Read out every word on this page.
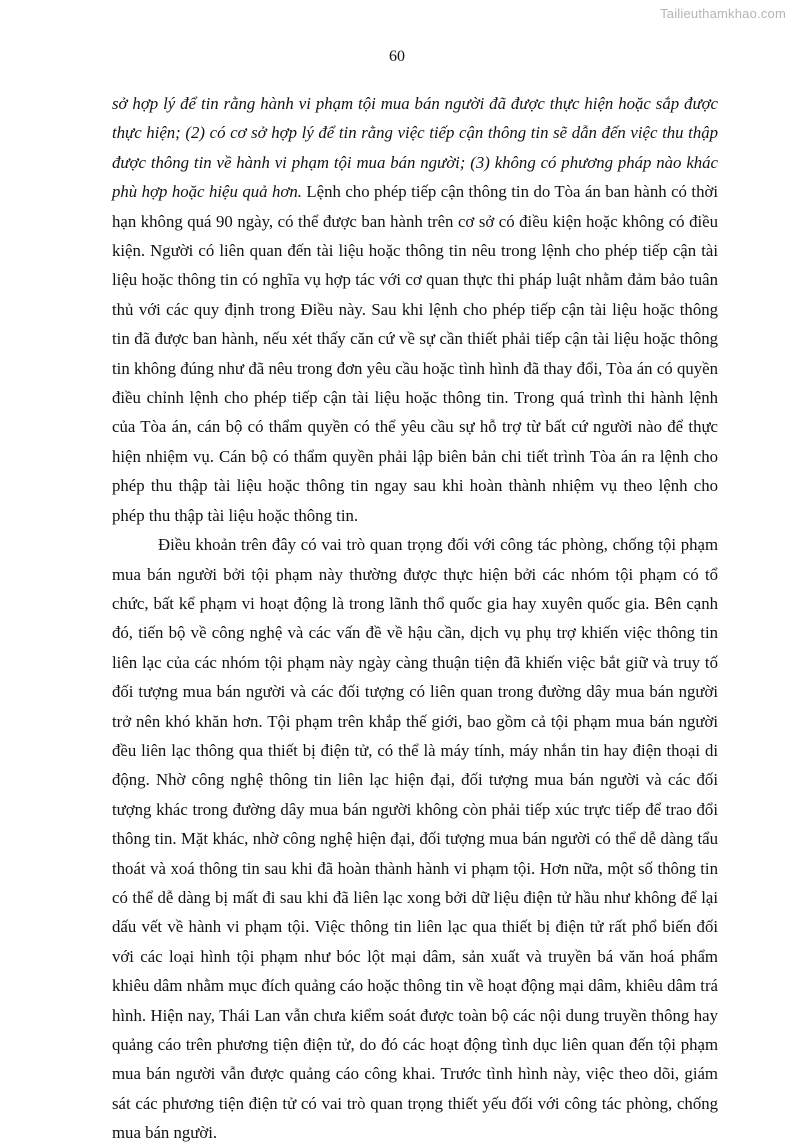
Tailieuthamkhao.com
60

sở hợp lý để tin rằng hành vi phạm tội mua bán người đã được thực hiện hoặc sắp được thực hiện; (2) có cơ sở hợp lý để tin rằng việc tiếp cận thông tin sẽ dẫn đến việc thu thập được thông tin về hành vi phạm tội mua bán người; (3) không có phương pháp nào khác phù hợp hoặc hiệu quả hơn. Lệnh cho phép tiếp cận thông tin do Tòa án ban hành có thời hạn không quá 90 ngày, có thể được ban hành trên cơ sở có điều kiện hoặc không có điều kiện. Người có liên quan đến tài liệu hoặc thông tin nêu trong lệnh cho phép tiếp cận tài liệu hoặc thông tin có nghĩa vụ hợp tác với cơ quan thực thi pháp luật nhằm đảm bảo tuân thủ với các quy định trong Điều này. Sau khi lệnh cho phép tiếp cận tài liệu hoặc thông tin đã được ban hành, nếu xét thấy căn cứ về sự cần thiết phải tiếp cận tài liệu hoặc thông tin không đúng như đã nêu trong đơn yêu cầu hoặc tình hình đã thay đổi, Tòa án có quyền điều chỉnh lệnh cho phép tiếp cận tài liệu hoặc thông tin. Trong quá trình thi hành lệnh của Tòa án, cán bộ có thẩm quyền có thể yêu cầu sự hỗ trợ từ bất cứ người nào để thực hiện nhiệm vụ. Cán bộ có thẩm quyền phải lập biên bản chi tiết trình Tòa án ra lệnh cho phép thu thập tài liệu hoặc thông tin ngay sau khi hoàn thành nhiệm vụ theo lệnh cho phép thu thập tài liệu hoặc thông tin.

Điều khoản trên đây có vai trò quan trọng đối với công tác phòng, chống tội phạm mua bán người bởi tội phạm này thường được thực hiện bởi các nhóm tội phạm có tổ chức, bất kể phạm vi hoạt động là trong lãnh thổ quốc gia hay xuyên quốc gia. Bên cạnh đó, tiến bộ về công nghệ và các vấn đề về hậu cần, dịch vụ phụ trợ khiến việc thông tin liên lạc của các nhóm tội phạm này ngày càng thuận tiện đã khiến việc bắt giữ và truy tố đối tượng mua bán người và các đối tượng có liên quan trong đường dây mua bán người trở nên khó khăn hơn. Tội phạm trên khắp thế giới, bao gồm cả tội phạm mua bán người đều liên lạc thông qua thiết bị điện tử, có thể là máy tính, máy nhắn tin hay điện thoại di động. Nhờ công nghệ thông tin liên lạc hiện đại, đối tượng mua bán người và các đối tượng khác trong đường dây mua bán người không còn phải tiếp xúc trực tiếp để trao đổi thông tin. Mặt khác, nhờ công nghệ hiện đại, đối tượng mua bán người có thể dễ dàng tẩu thoát và xoá thông tin sau khi đã hoàn thành hành vi phạm tội. Hơn nữa, một số thông tin có thể dễ dàng bị mất đi sau khi đã liên lạc xong bởi dữ liệu điện tử hầu như không để lại dấu vết về hành vi phạm tội. Việc thông tin liên lạc qua thiết bị điện tử rất phổ biến đối với các loại hình tội phạm như bóc lột mại dâm, sản xuất và truyền bá văn hoá phẩm khiêu dâm nhằm mục đích quảng cáo hoặc thông tin về hoạt động mại dâm, khiêu dâm trá hình. Hiện nay, Thái Lan vẫn chưa kiểm soát được toàn bộ các nội dung truyền thông hay quảng cáo trên phương tiện điện tử, do đó các hoạt động tình dục liên quan đến tội phạm mua bán người vẫn được quảng cáo công khai. Trước tình hình này, việc theo dõi, giám sát các phương tiện điện tử có vai trò quan trọng thiết yếu đối với công tác phòng, chống mua bán người.
